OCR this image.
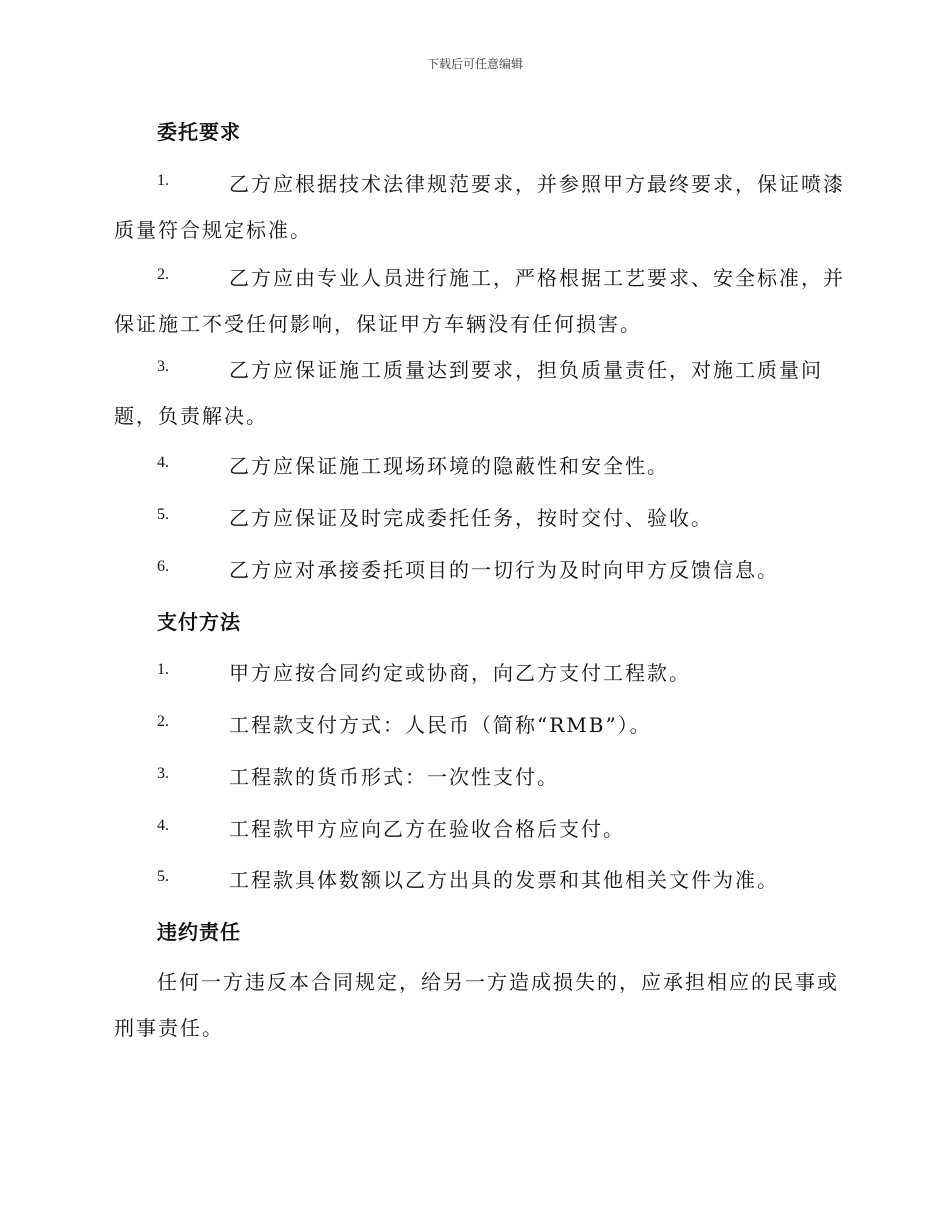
下载后可任意编辑
委托要求
1.	乙方应根据技术法律规范要求，并参照甲方最终要求，保证喷漆
质量符合规定标准。
2.	乙方应由专业人员进行施工，严格根据工艺要求、安全标准，并
保证施工不受任何影响，保证甲方车辆没有任何损害。
3.	乙方应保证施工质量达到要求，担负质量责任，对施工质量问
题，负责解决。
4.	乙方应保证施工现场环境的隐蔽性和安全性。
5.	乙方应保证及时完成委托任务，按时交付、验收。
6.	乙方应对承接委托项目的一切行为及时向甲方反馈信息。
支付方法
1.	甲方应按合同约定或协商，向乙方支付工程款。
2.	工程款支付方式：人民币（简称“RMB”）。
3.	工程款的货币形式：一次性支付。
4.	工程款甲方应向乙方在验收合格后支付。
5.	工程款具体数额以乙方出具的发票和其他相关文件为准。
违约责任
任何一方违反本合同规定，给另一方造成损失的，应承担相应的民事或
刑事责任。
